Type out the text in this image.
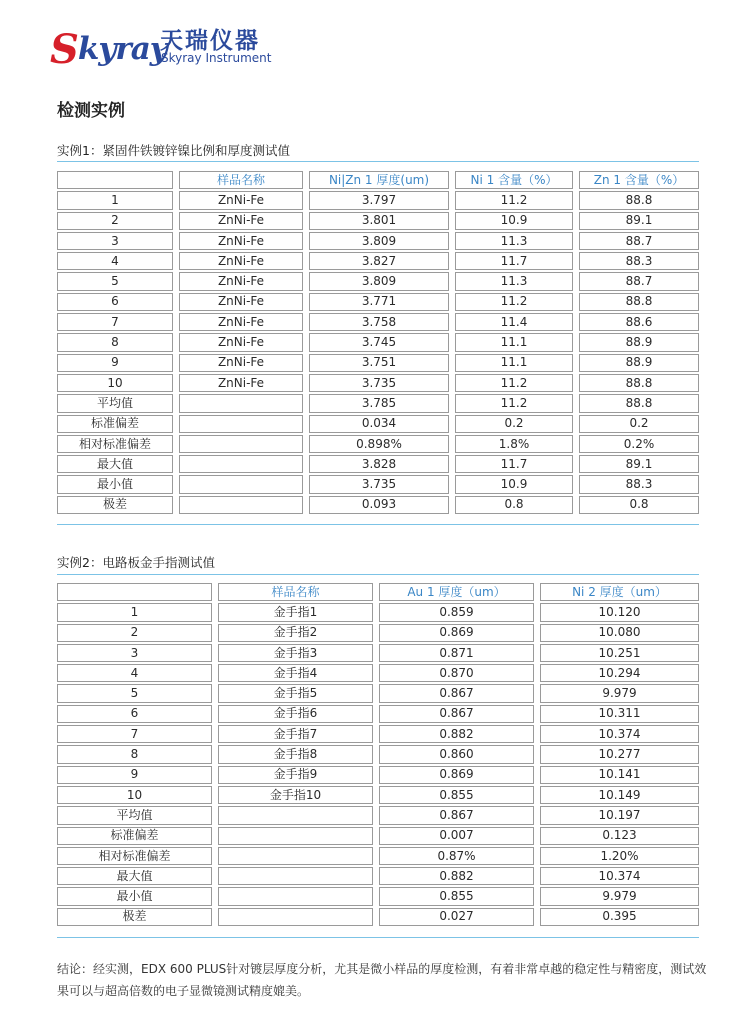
Skyray
天瑞仪器
Skyray Instrument
检测实例
实例1：紧固件铁镀锌镍比例和厚度测试值
		样品名称		Ni|Zn 1 厚度(um)		Ni 1 含量（%）		Zn 1 含量（%）
1		ZnNi-Fe		3.797		11.2		88.8
2		ZnNi-Fe		3.801		10.9		89.1
3		ZnNi-Fe		3.809		11.3		88.7
4		ZnNi-Fe		3.827		11.7		88.3
5		ZnNi-Fe		3.809		11.3		88.7
6		ZnNi-Fe		3.771		11.2		88.8
7		ZnNi-Fe		3.758		11.4		88.6
8		ZnNi-Fe		3.745		11.1		88.9
9		ZnNi-Fe		3.751		11.1		88.9
10		ZnNi-Fe		3.735		11.2		88.8
平均值				3.785		11.2		88.8
标准偏差				0.034		0.2		0.2
相对标准偏差				0.898%		1.8%		0.2%
最大值				3.828		11.7		89.1
最小值				3.735		10.9		88.3
极差				0.093		0.8		0.8
实例2：电路板金手指测试值
		样品名称		Au 1 厚度（um）		Ni 2 厚度（um）
1		金手指1		0.859		10.120
2		金手指2		0.869		10.080
3		金手指3		0.871		10.251
4		金手指4		0.870		10.294
5		金手指5		0.867		9.979
6		金手指6		0.867		10.311
7		金手指7		0.882		10.374
8		金手指8		0.860		10.277
9		金手指9		0.869		10.141
10		金手指10		0.855		10.149
平均值				0.867		10.197
标准偏差				0.007		0.123
相对标准偏差				0.87%		1.20%
最大值				0.882		10.374
最小值				0.855		9.979
极差				0.027		0.395
结论：经实测，EDX 600 PLUS针对镀层厚度分析，尤其是微小样品的厚度检测，有着非常卓越的稳定性与精密度，测试效果可以与超高倍数的电子显微镜测试精度媲美。
